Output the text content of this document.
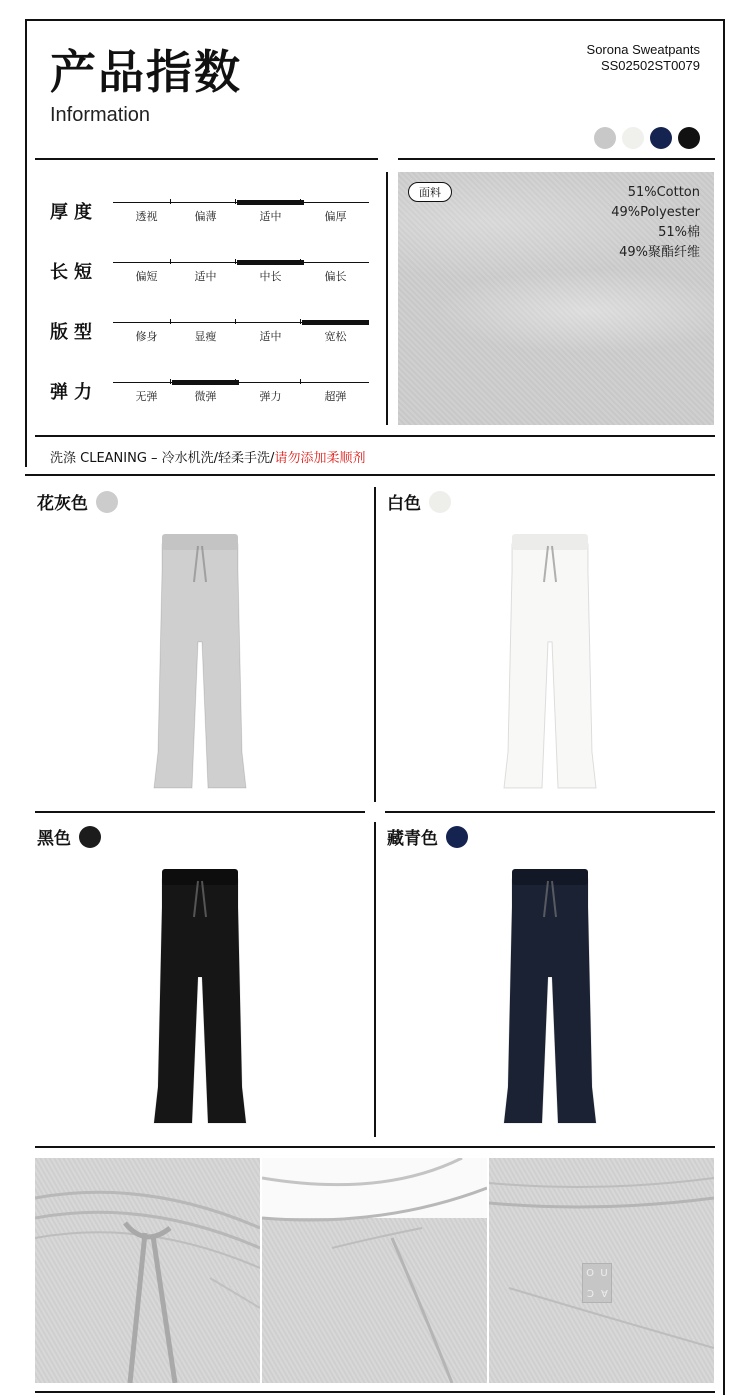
产品指数
Information
Sorona Sweatpants
SS02502ST0079
厚度	透视	偏薄	适中	偏厚
长短	偏短	适中	中长	偏长
版型	修身	显瘦	适中	宽松
弹力	无弹	微弹	弹力	超弹
面料	51%Cotton
49%Polyester
51%棉
49%聚酯纤维
洗涤 CLEANING – 冷水机洗/轻柔手洗/请勿添加柔顺剂
花灰色	白色
黑色	藏青色
O U
C A
